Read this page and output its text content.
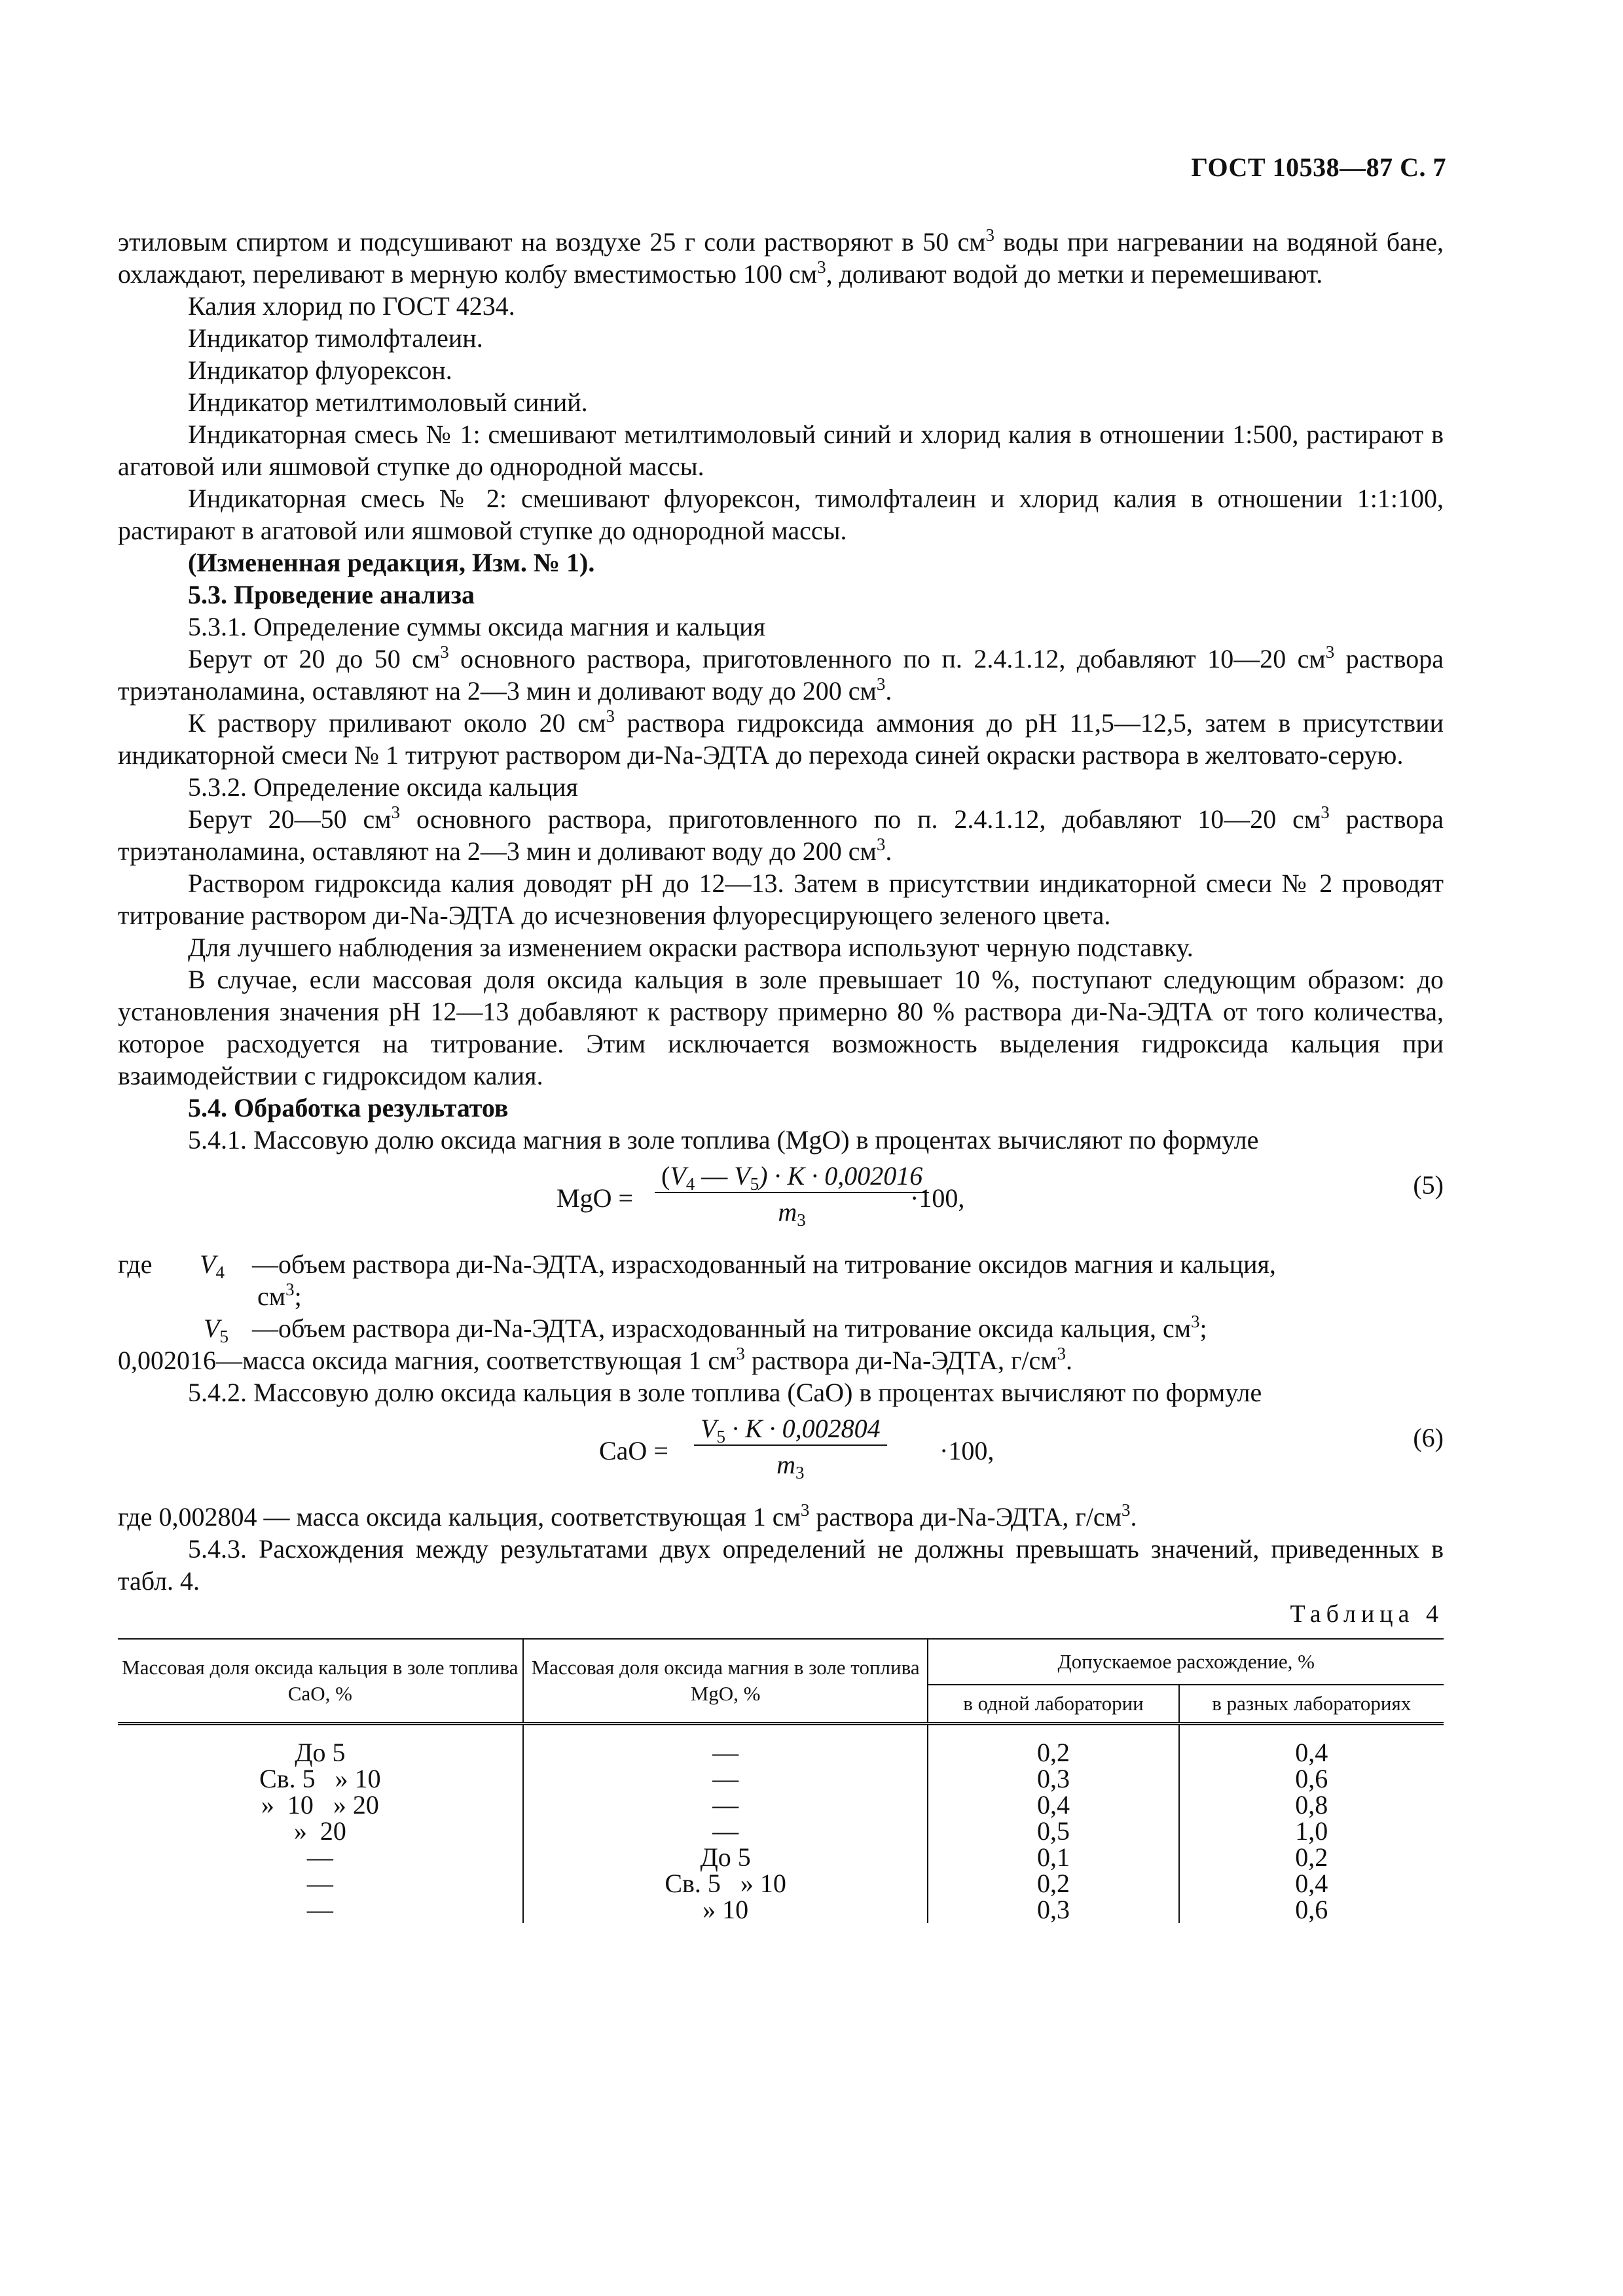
ГОСТ 10538—87 С. 7

этиловым спиртом и подсушивают на воздухе 25 г соли растворяют в 50 $см^3$ воды при нагревании на водяной бане, охлаждают, переливают в мерную колбу вместимостью 100 $см^3$, доливают водой до метки и перемешивают.

Калия хлорид по ГОСТ 4234.

Индикатор тимолфталеин.

Индикатор флуорексон.

Индикатор метилтимоловый синий.

Индикаторная смесь № 1: смешивают метилтимоловый синий и хлорид калия в отношении 1:500, растирают в агатовой или яшмовой ступке до однородной массы.

Индикаторная смесь № 2: смешивают флуорексон, тимолфталеин и хлорид калия в отношении 1:1:100, растирают в агатовой или яшмовой ступке до однородной массы.

(Измененная редакция, Изм. № 1).

5.3. Проведение анализа

5.3.1. Определение суммы оксида магния и кальция

Берут от 20 до 50 $см^3$ основного раствора, приготовленного по п. 2.4.1.12, добавляют 10—20 $см^3$ раствора триэтаноламина, оставляют на 2—3 мин и доливают воду до 200 $см^3$.

К раствору приливают около 20 $см^3$ раствора гидроксида аммония до pH 11,5—12,5, затем в присутствии индикаторной смеси № 1 титруют раствором ди-Na-ЭДТА до перехода синей окраски раствора в желтовато-серую.

5.3.2. Определение оксида кальция

Берут 20—50 $см^3$ основного раствора, приготовленного по п. 2.4.1.12, добавляют 10—20 $см^3$ раствора триэтаноламина, оставляют на 2—3 мин и доливают воду до 200 $см^3$.

Раствором гидроксида калия доводят pH до 12—13. Затем в присутствии индикаторной смеси № 2 проводят титрование раствором ди-Na-ЭДТА до исчезновения флуоресцирующего зеленого цвета.

Для лучшего наблюдения за изменением окраски раствора используют черную подставку.

В случае, если массовая доля оксида кальция в золе превышает 10 %, поступают следующим образом: до установления значения pH 12—13 добавляют к раствору примерно 80 % раствора ди-Na-ЭДТА от того количества, которое расходуется на титрование. Этим исключается возможность выделения гидроксида кальция при взаимодействии с гидроксидом калия.

5.4. Обработка результатов

5.4.1. Массовую долю оксида магния в золе топлива (MgO) в процентах вычисляют по формуле

MgO = $\frac{(V_4 — V_5) \cdot K \cdot 0,002016}{m_3}$
·100,	(5)
где	$V_4$	—объем раствора ди-Na-ЭДТА, израсходованный на титрование оксидов магния и кальция,
$см^3$;
	$V_5$	—объем раствора ди-Na-ЭДТА, израсходованный на титрование оксида кальция, $см^3$;

0,002016—масса оксида магния, соответствующая 1 $см^3$ раствора ди-Na-ЭДТА, $г/см^3$.

5.4.2. Массовую долю оксида кальция в золе топлива (CaO) в процентах вычисляют по формуле

CaO = $\frac{V_5 \cdot K \cdot 0,002804}{m_3} \cdot 100$,	(6)

где 0,002804 — масса оксида кальция, соответствующая 1 $см^3$ раствора ди-Na-ЭДТА, $г/см^3$.

5.4.3. Расхождения между результатами двух определений не должны превышать значений, приведенных в табл. 4.

Таблица 4
Массовая доля оксида кальция в золе топлива CaO, %	Массовая доля оксида магния в золе топлива MgO, %	Допускаемое расхождение, %	
		в одной лаборатории	в разных лабораториях
До 5	—	0,2	0,4
Св. 5   » 10	—	0,3	0,6
»  10   » 20	—	0,4	0,8
»  20	—	0,5	1,0
—	До 5	0,1	0,2
—	Св. 5   » 10	0,2	0,4
—	» 10	0,3	0,6
